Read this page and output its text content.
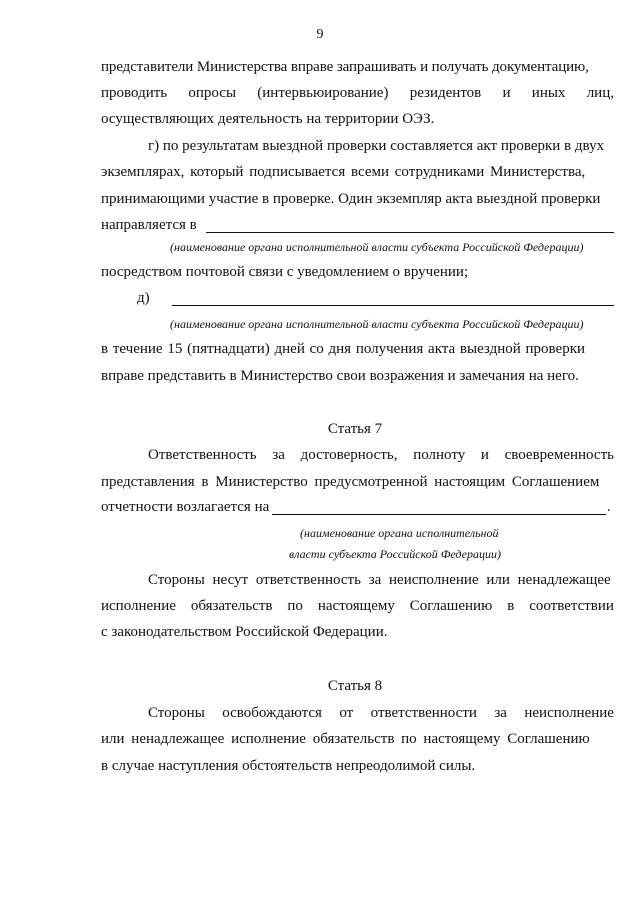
9
представители Министерства вправе запрашивать и получать документацию,
проводить опросы (интервьюирование) резидентов и иных лиц,
осуществляющих деятельность на территории ОЭЗ.
г) по результатам выездной проверки составляется акт проверки в двух
экземплярах, который подписывается всеми сотрудниками Министерства,
принимающими участие в проверке. Один экземпляр акта выездной проверки
направляется в
(наименование органа исполнительной власти субъекта Российской Федерации)
посредством почтовой связи с уведомлением о вручении;
д)
(наименование органа исполнительной власти субъекта Российской Федерации)
в течение 15 (пятнадцати) дней со дня получения акта выездной проверки
вправе представить в Министерство свои возражения и замечания на него.
Статья 7
Ответственность за достоверность, полноту и своевременность
представления в Министерство предусмотренной настоящим Соглашением
отчетности возлагается на	.
(наименование органа исполнительной
власти субъекта Российской Федерации)
Стороны несут ответственность за неисполнение или ненадлежащее
исполнение обязательств по настоящему Соглашению в соответствии
с законодательством Российской Федерации.
Статья 8
Стороны освобождаются от ответственности за неисполнение
или ненадлежащее исполнение обязательств по настоящему Соглашению
в случае наступления обстоятельств непреодолимой силы.
